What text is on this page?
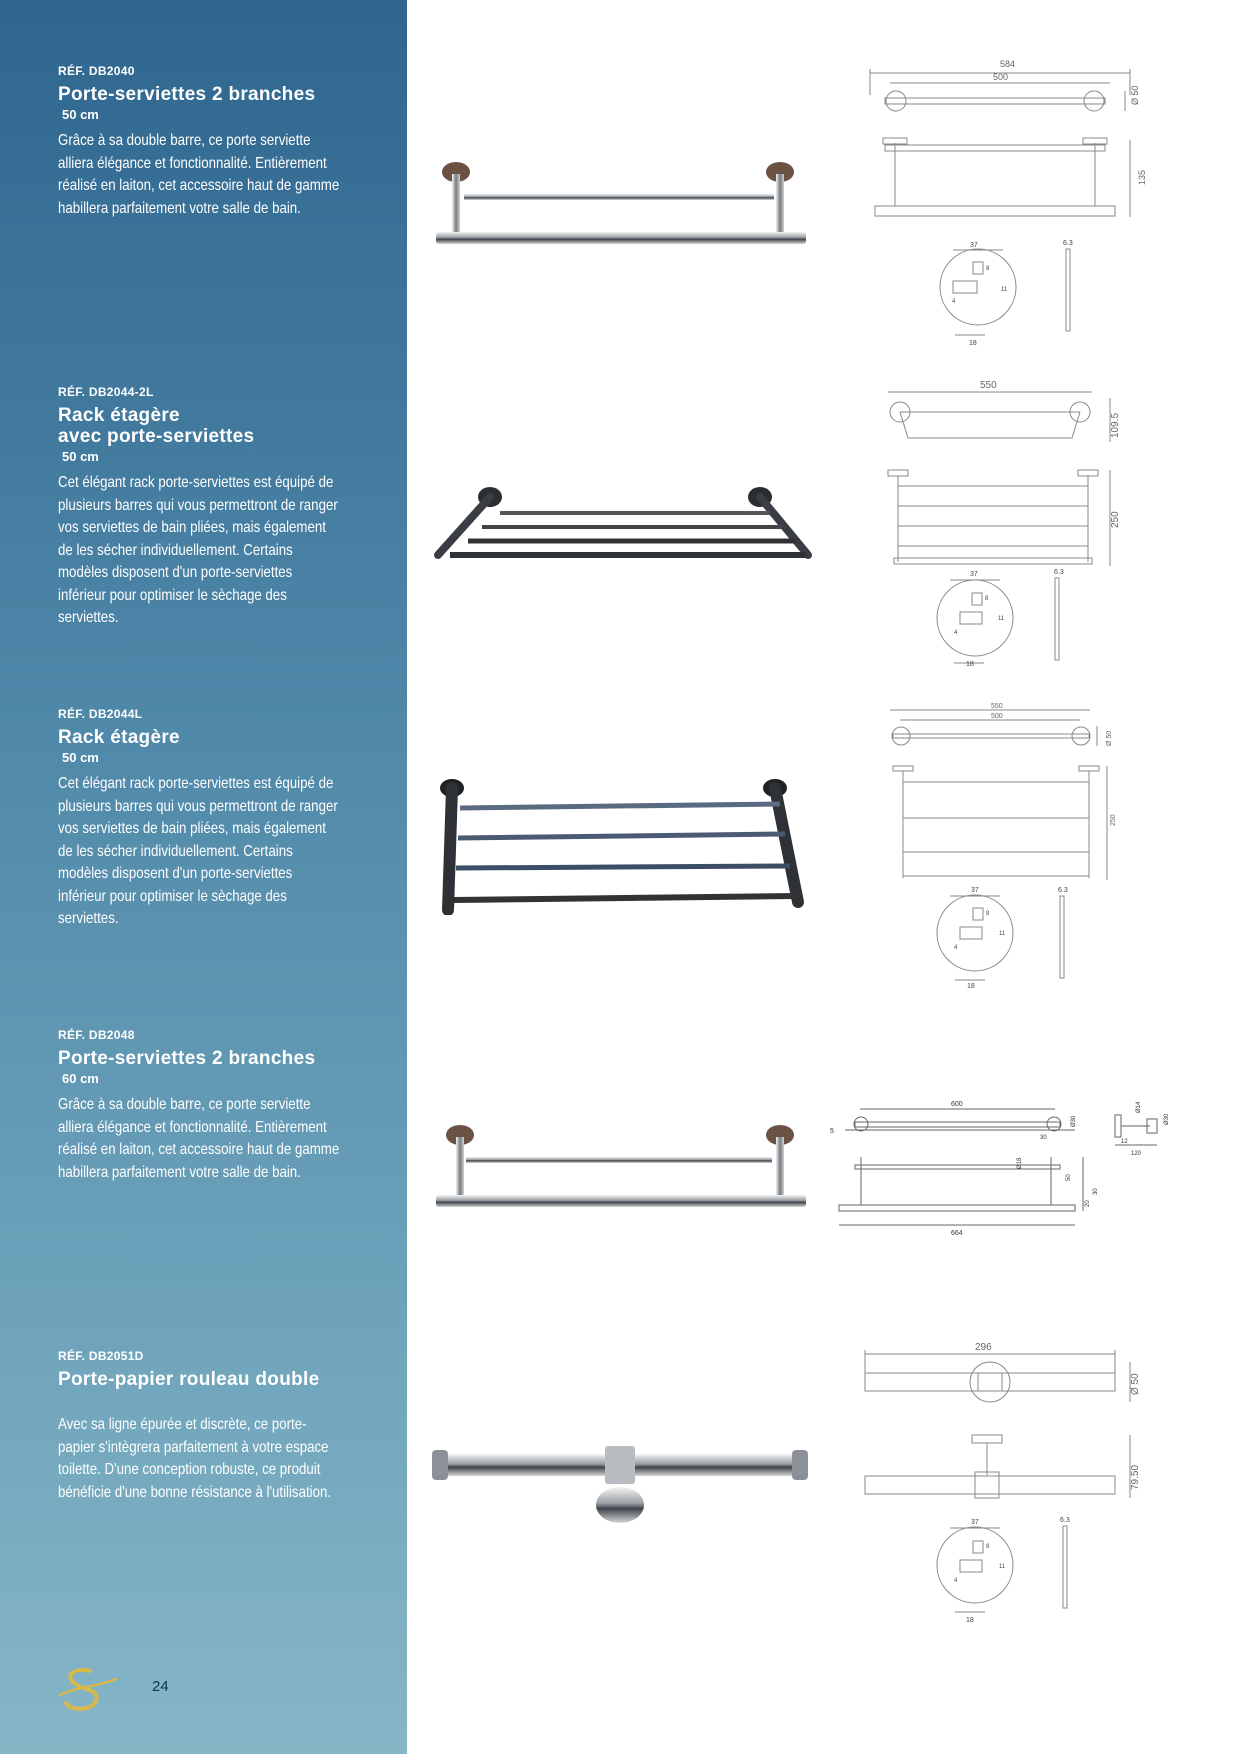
RÉF. DB2040
Porte-serviettes 2 branches
50 cm

Grâce à sa double barre, ce porte serviette alliera élégance et fonctionnalité. Entièrement réalisé en laiton, cet accessoire haut de gamme habillera parfaitement votre salle de bain.

RÉF. DB2044-2L
Rack étagère
avec porte-serviettes
50 cm

Cet élégant rack porte-serviettes est équipé de plusieurs barres qui vous permettront de ranger vos serviettes de bain pliées, mais également de les sécher individuellement. Certains modèles disposent d'un porte-serviettes inférieur pour optimiser le sèchage des serviettes.

RÉF. DB2044L
Rack étagère
50 cm

Cet élégant rack porte-serviettes est équipé de plusieurs barres qui vous permettront de ranger vos serviettes de bain pliées, mais également de les sécher individuellement. Certains modèles disposent d'un porte-serviettes inférieur pour optimiser le sèchage des serviettes.

RÉF. DB2048
Porte-serviettes 2 branches
60 cm

Grâce à sa double barre, ce porte serviette alliera élégance et fonctionnalité. Entièrement réalisé en laiton, cet accessoire haut de gamme habillera parfaitement votre salle de bain.

RÉF. DB2051D
Porte-papier rouleau double

Avec sa ligne épurée et discrète, ce porte-papier s'intègrera parfaitement à votre espace toilette. D'une conception robuste, ce produit bénéficie d'une bonne résistance à l'utilisation.

24
584
500
Ø 50
135
37
8
11
4
18
6.3
550
109.5
250
37
8
11
4
18
6.3
550
500
Ø 50
250
37
8
11
4
18
6.3
600
5
Ø30
30
Ø14
Ø30
12
120
Ø18
50
664
20
30
296
Ø 50
79.50
37
8
11
4
18
6.3
